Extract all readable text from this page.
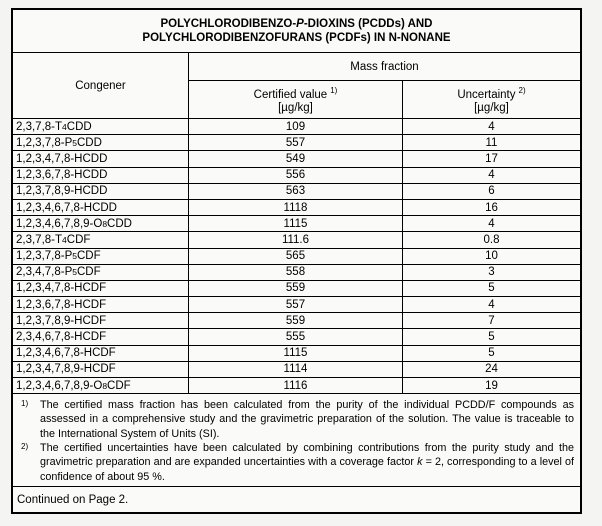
POLYCHLORODIBENZO-P-DIOXINS (PCDDs) AND
POLYCHLORODIBENZOFURANS (PCDFs) IN N-NONANE
Congener
Mass fraction
Certified value $^{1)}$
[µg/kg]
Uncertainty $^{2)}$
[µg/kg]
2,3,7,8-T 4 CDD	109	4
1,2,3,7,8-P 5 CDD	557	11
1,2,3,4,7,8-HCDD	549	17
1,2,3,6,7,8-HCDD	556	4
1,2,3,7,8,9-HCDD	563	6
1,2,3,4,6,7,8-HCDD	1118	16
1,2,3,4,6,7,8,9-O 8 CDD	1115	4
2,3,7,8-T 4 CDF	111.6	0.8
1,2,3,7,8-P 5 CDF	565	10
2,3,4,7,8-P 5 CDF	558	3
1,2,3,4,7,8-HCDF	559	5
1,2,3,6,7,8-HCDF	557	4
1,2,3,7,8,9-HCDF	559	7
2,3,4,6,7,8-HCDF	555	5
1,2,3,4,6,7,8-HCDF	1115	5
1,2,3,4,7,8,9-HCDF	1114	24
1,2,3,4,6,7,8,9-O 8 CDF	1116	19
1)	The certified mass fraction has been calculated from the purity of the individual PCDD/F compounds as assessed in a comprehensive study and the gravimetric preparation of the solution. The value is traceable to the International System of Units (SI).
2)	The certified uncertainties have been calculated by combining contributions from the purity study and the gravimetric preparation and are expanded uncertainties with a coverage factor k = 2, corresponding to a level of confidence of about 95 %.
Continued on Page 2.
